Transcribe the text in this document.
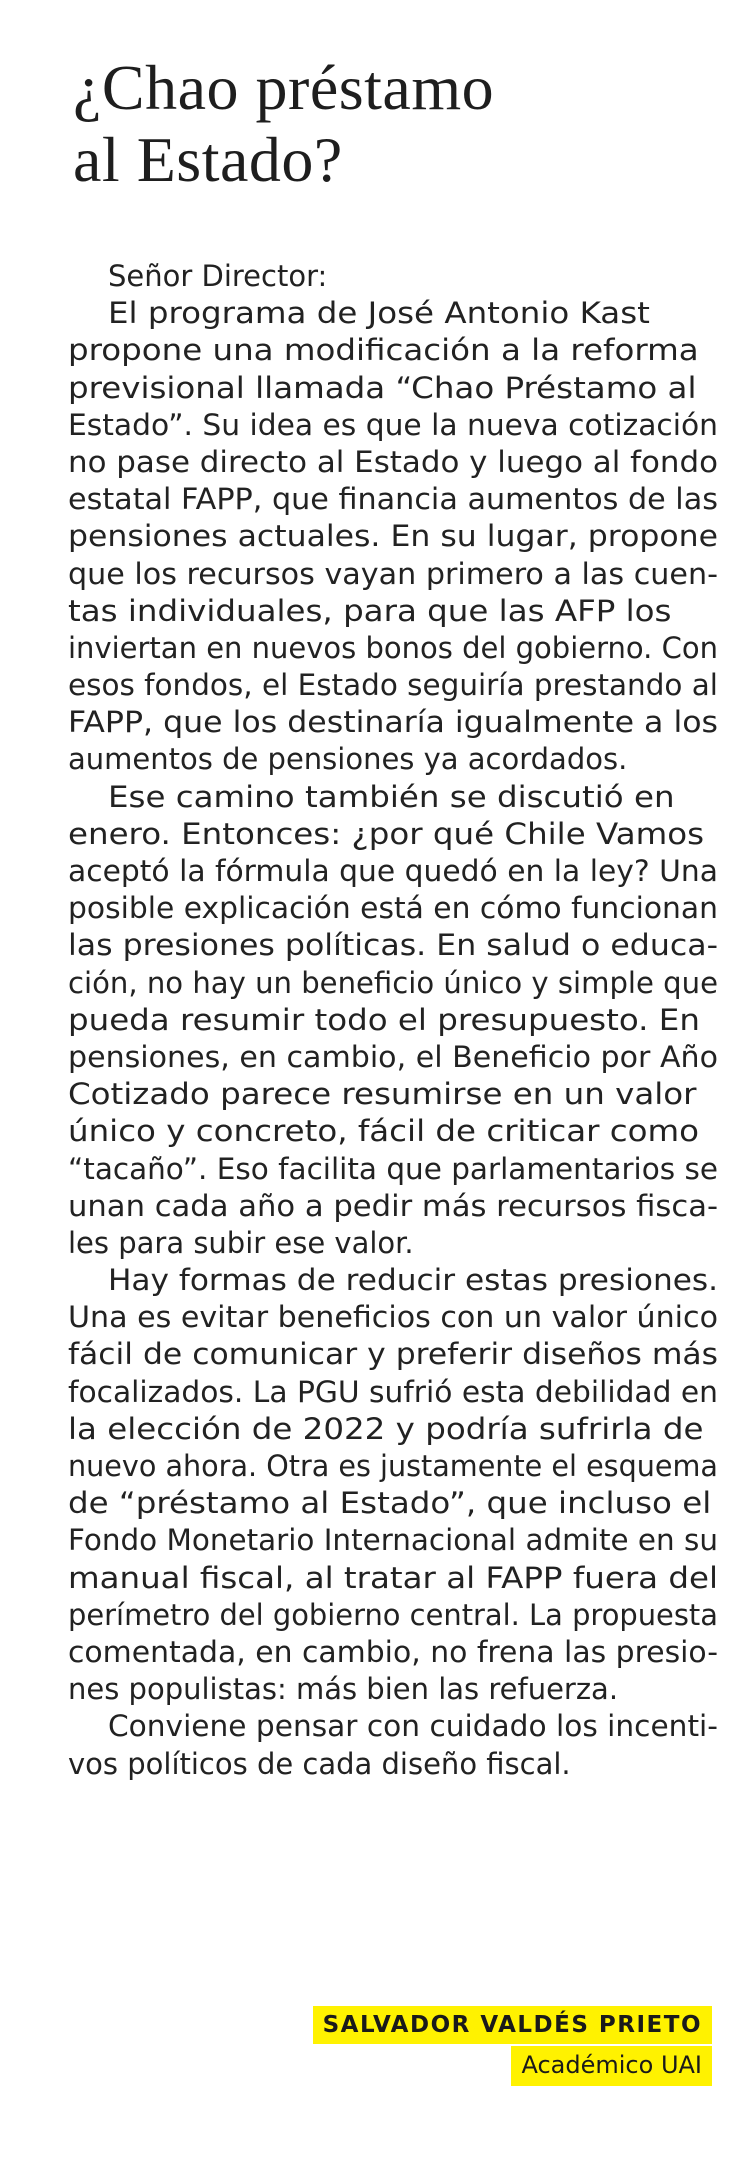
¿Chao préstamo
al Estado?
Señor Director:
El programa de José Antonio Kast
propone una modificación a la reforma
previsional llamada “Chao Préstamo al
Estado”. Su idea es que la nueva cotización
no pase directo al Estado y luego al fondo
estatal FAPP, que financia aumentos de las
pensiones actuales. En su lugar, propone
que los recursos vayan primero a las cuen-
tas individuales, para que las AFP los
inviertan en nuevos bonos del gobierno. Con
esos fondos, el Estado seguiría prestando al
FAPP, que los destinaría igualmente a los
aumentos de pensiones ya acordados.
Ese camino también se discutió en
enero. Entonces: ¿por qué Chile Vamos
aceptó la fórmula que quedó en la ley? Una
posible explicación está en cómo funcionan
las presiones políticas. En salud o educa-
ción, no hay un beneficio único y simple que
pueda resumir todo el presupuesto. En
pensiones, en cambio, el Beneficio por Año
Cotizado parece resumirse en un valor
único y concreto, fácil de criticar como
“tacaño”. Eso facilita que parlamentarios se
unan cada año a pedir más recursos fisca-
les para subir ese valor.
Hay formas de reducir estas presiones.
Una es evitar beneficios con un valor único
fácil de comunicar y preferir diseños más
focalizados. La PGU sufrió esta debilidad en
la elección de 2022 y podría sufrirla de
nuevo ahora. Otra es justamente el esquema
de “préstamo al Estado”, que incluso el
Fondo Monetario Internacional admite en su
manual fiscal, al tratar al FAPP fuera del
perímetro del gobierno central. La propuesta
comentada, en cambio, no frena las presio-
nes populistas: más bien las refuerza.
Conviene pensar con cuidado los incenti-
vos políticos de cada diseño fiscal.
SALVADOR VALDÉS PRIETO
Académico UAI
